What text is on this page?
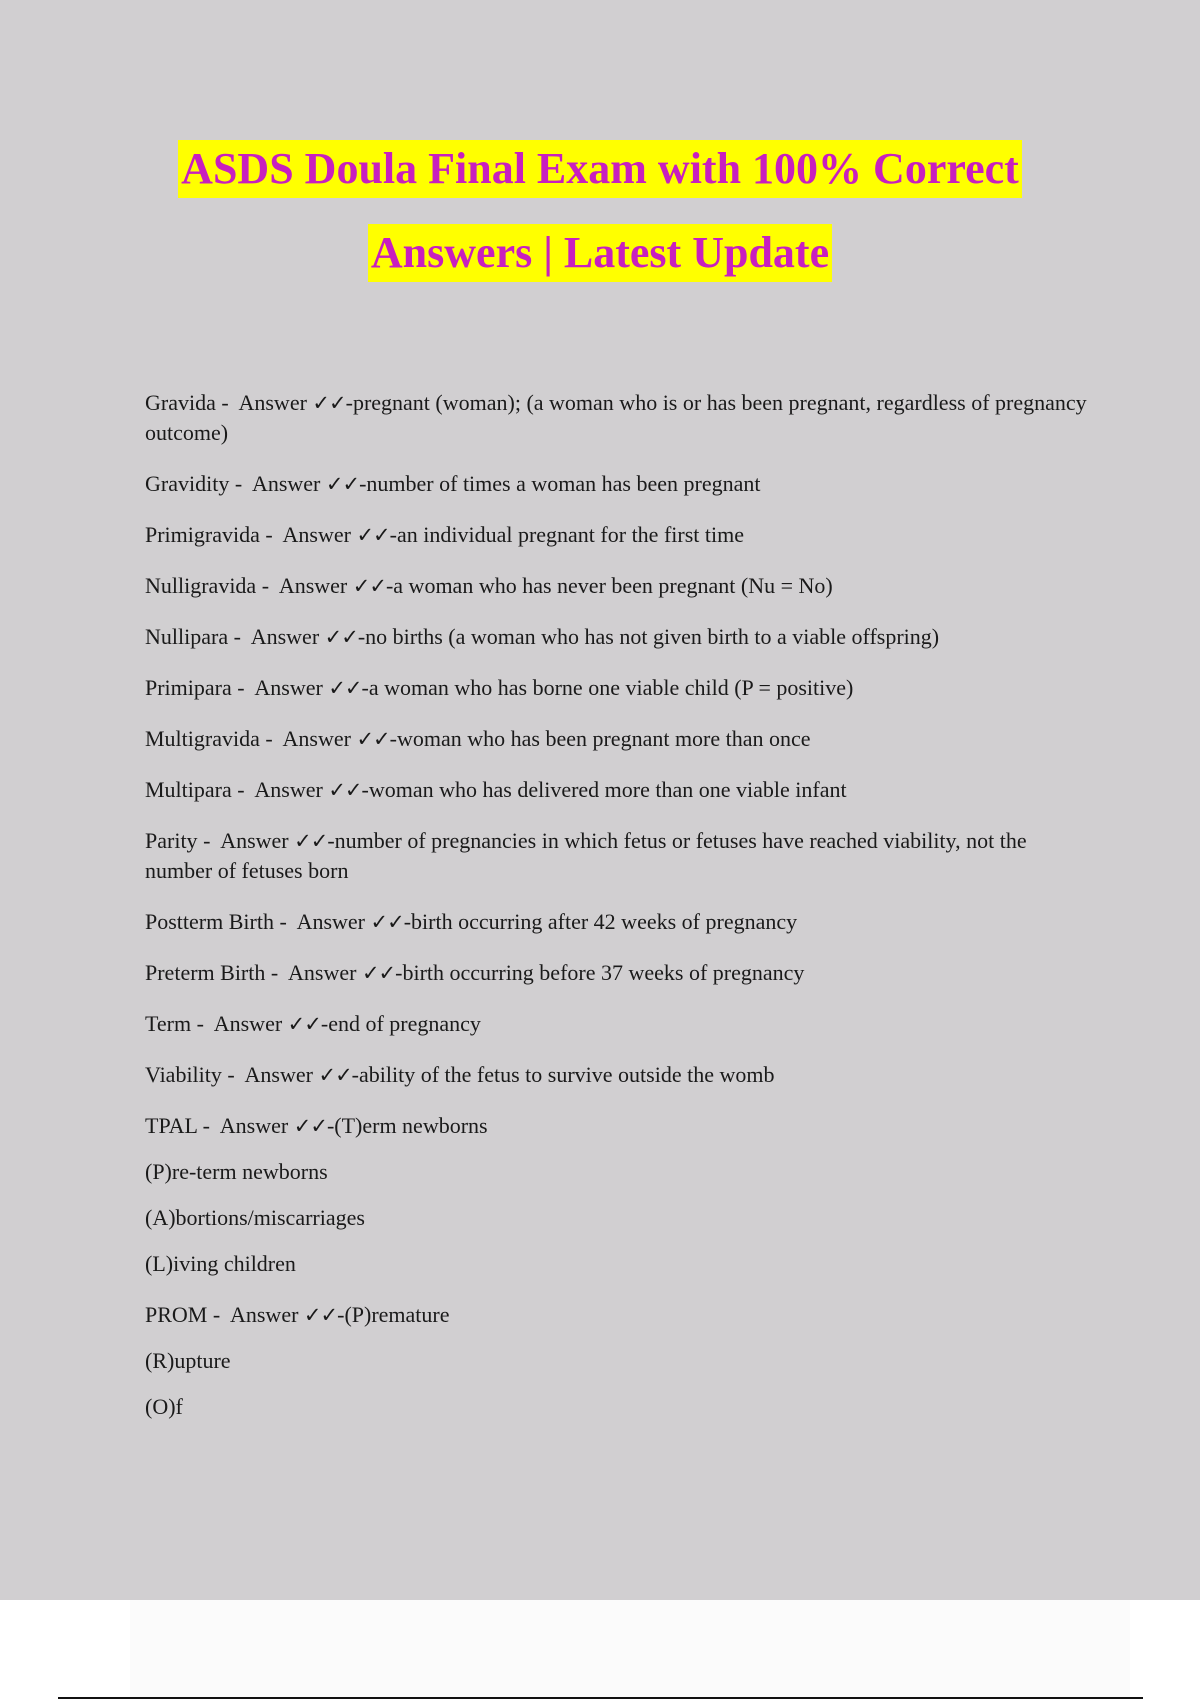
ASDS Doula Final Exam with 100% Correct
Answers | Latest Update
Gravida -  Answer ✓✓-pregnant (woman); (a woman who is or has been pregnant, regardless of pregnancy outcome)
Gravidity -  Answer ✓✓-number of times a woman has been pregnant
Primigravida -  Answer ✓✓-an individual pregnant for the first time
Nulligravida -  Answer ✓✓-a woman who has never been pregnant (Nu = No)
Nullipara -  Answer ✓✓-no births (a woman who has not given birth to a viable offspring)
Primipara -  Answer ✓✓-a woman who has borne one viable child (P = positive)
Multigravida -  Answer ✓✓-woman who has been pregnant more than once
Multipara -  Answer ✓✓-woman who has delivered more than one viable infant
Parity -  Answer ✓✓-number of pregnancies in which fetus or fetuses have reached viability, not the number of fetuses born
Postterm Birth -  Answer ✓✓-birth occurring after 42 weeks of pregnancy
Preterm Birth -  Answer ✓✓-birth occurring before 37 weeks of pregnancy
Term -  Answer ✓✓-end of pregnancy
Viability -  Answer ✓✓-ability of the fetus to survive outside the womb
TPAL -  Answer ✓✓-(T)erm newborns
(P)re-term newborns
(A)bortions/miscarriages
(L)iving children
PROM -  Answer ✓✓-(P)remature
(R)upture
(O)f
